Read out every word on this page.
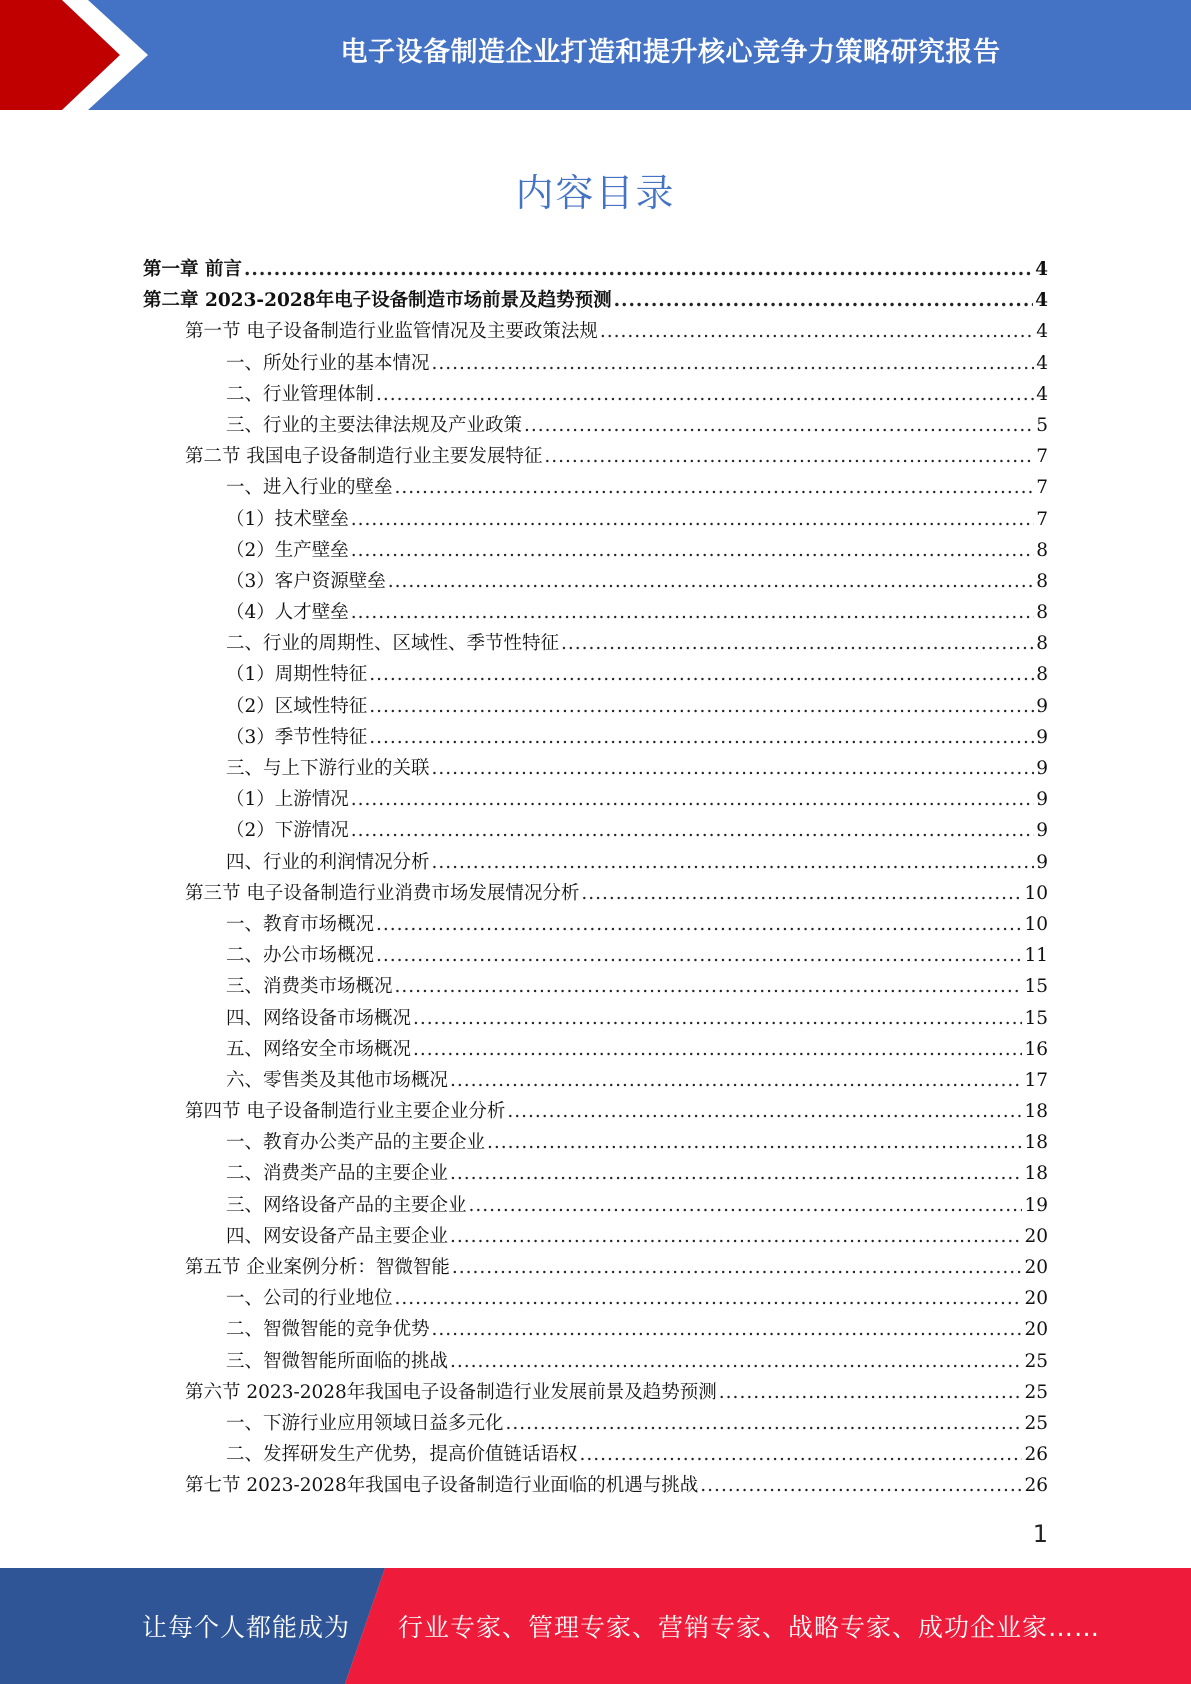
电子设备制造企业打造和提升核心竞争力策略研究报告
内容目录
第一章 前言 .....	4
第二章 2023-2028年电子设备制造市场前景及趋势预测 .....	4
第一节 电子设备制造行业监管情况及主要政策法规 .....	4
一、所处行业的基本情况 .....	4
二、行业管理体制 .....	4
三、行业的主要法律法规及产业政策 .....	5
第二节 我国电子设备制造行业主要发展特征 .....	7
一、进入行业的壁垒 .....	7
（1）技术壁垒 .....	7
（2）生产壁垒 .....	8
（3）客户资源壁垒 .....	8
（4）人才壁垒 .....	8
二、行业的周期性、区域性、季节性特征 .....	8
（1）周期性特征 .....	8
（2）区域性特征 .....	9
（3）季节性特征 .....	9
三、与上下游行业的关联 .....	9
（1）上游情况 .....	9
（2）下游情况 .....	9
四、行业的利润情况分析 .....	9
第三节 电子设备制造行业消费市场发展情况分析 .....	10
一、教育市场概况 .....	10
二、办公市场概况 .....	11
三、消费类市场概况 .....	15
四、网络设备市场概况 .....	15
五、网络安全市场概况 .....	16
六、零售类及其他市场概况 .....	17
第四节 电子设备制造行业主要企业分析 .....	18
一、教育办公类产品的主要企业 .....	18
二、消费类产品的主要企业 .....	18
三、网络设备产品的主要企业 .....	19
四、网安设备产品主要企业 .....	20
第五节 企业案例分析：智微智能 .....	20
一、公司的行业地位 .....	20
二、智微智能的竞争优势 .....	20
三、智微智能所面临的挑战 .....	25
第六节 2023-2028年我国电子设备制造行业发展前景及趋势预测 .....	25
一、下游行业应用领域日益多元化 .....	25
二、发挥研发生产优势，提高价值链话语权 .....	26
第七节 2023-2028年我国电子设备制造行业面临的机遇与挑战 .....	26
1
让每个人都能成为 行业专家、管理专家、营销专家、战略专家、成功企业家……
